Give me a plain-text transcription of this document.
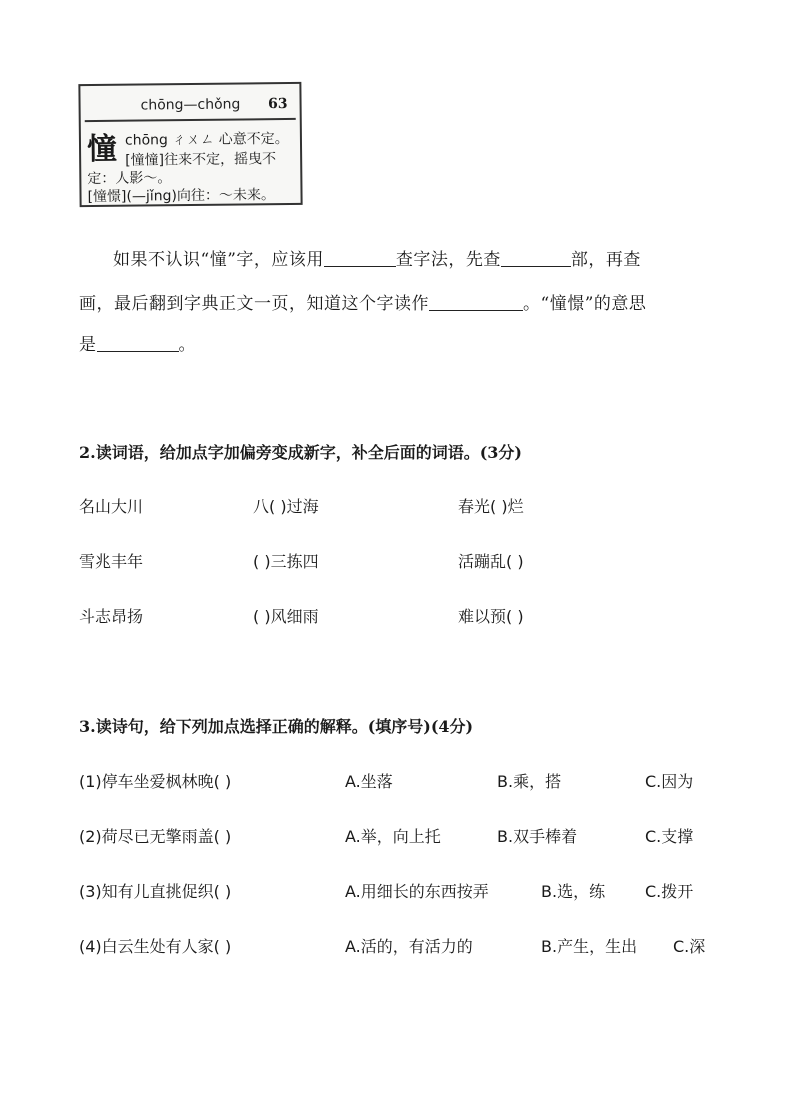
chōng—chǒng 63
憧 chōng ㄔㄨㄥ 心意不定。
[憧憧]往来不定，摇曳不
定：人影～。
[憧憬](—jǐng)向往：～未来。
如果不认识“憧”字，应该用	查字法，先查	部，再查
画，最后翻到字典正文一页，知道这个字读作	。“憧憬”的意思
是	。
2.读词语，给加点字加偏旁变成新字，补全后面的词语。(3分)
名山大川	八( )过海	春光( )烂
雪兆丰年	( )三拣四	活蹦乱( )
斗志昂扬	( )风细雨	难以预( )
3.读诗句，给下列加点选择正确的解释。(填序号)(4分)
(1)停车坐爱枫林晚( )	A.坐落	B.乘，搭	C.因为
(2)荷尽已无擎雨盖( )	A.举，向上托	B.双手棒着	C.支撑
(3)知有儿直挑促织( )	A.用细长的东西按弄	B.选，练 C.拨开
(4)白云生处有人家( )	A.活的，有活力的	B.产生，生出 C.深
